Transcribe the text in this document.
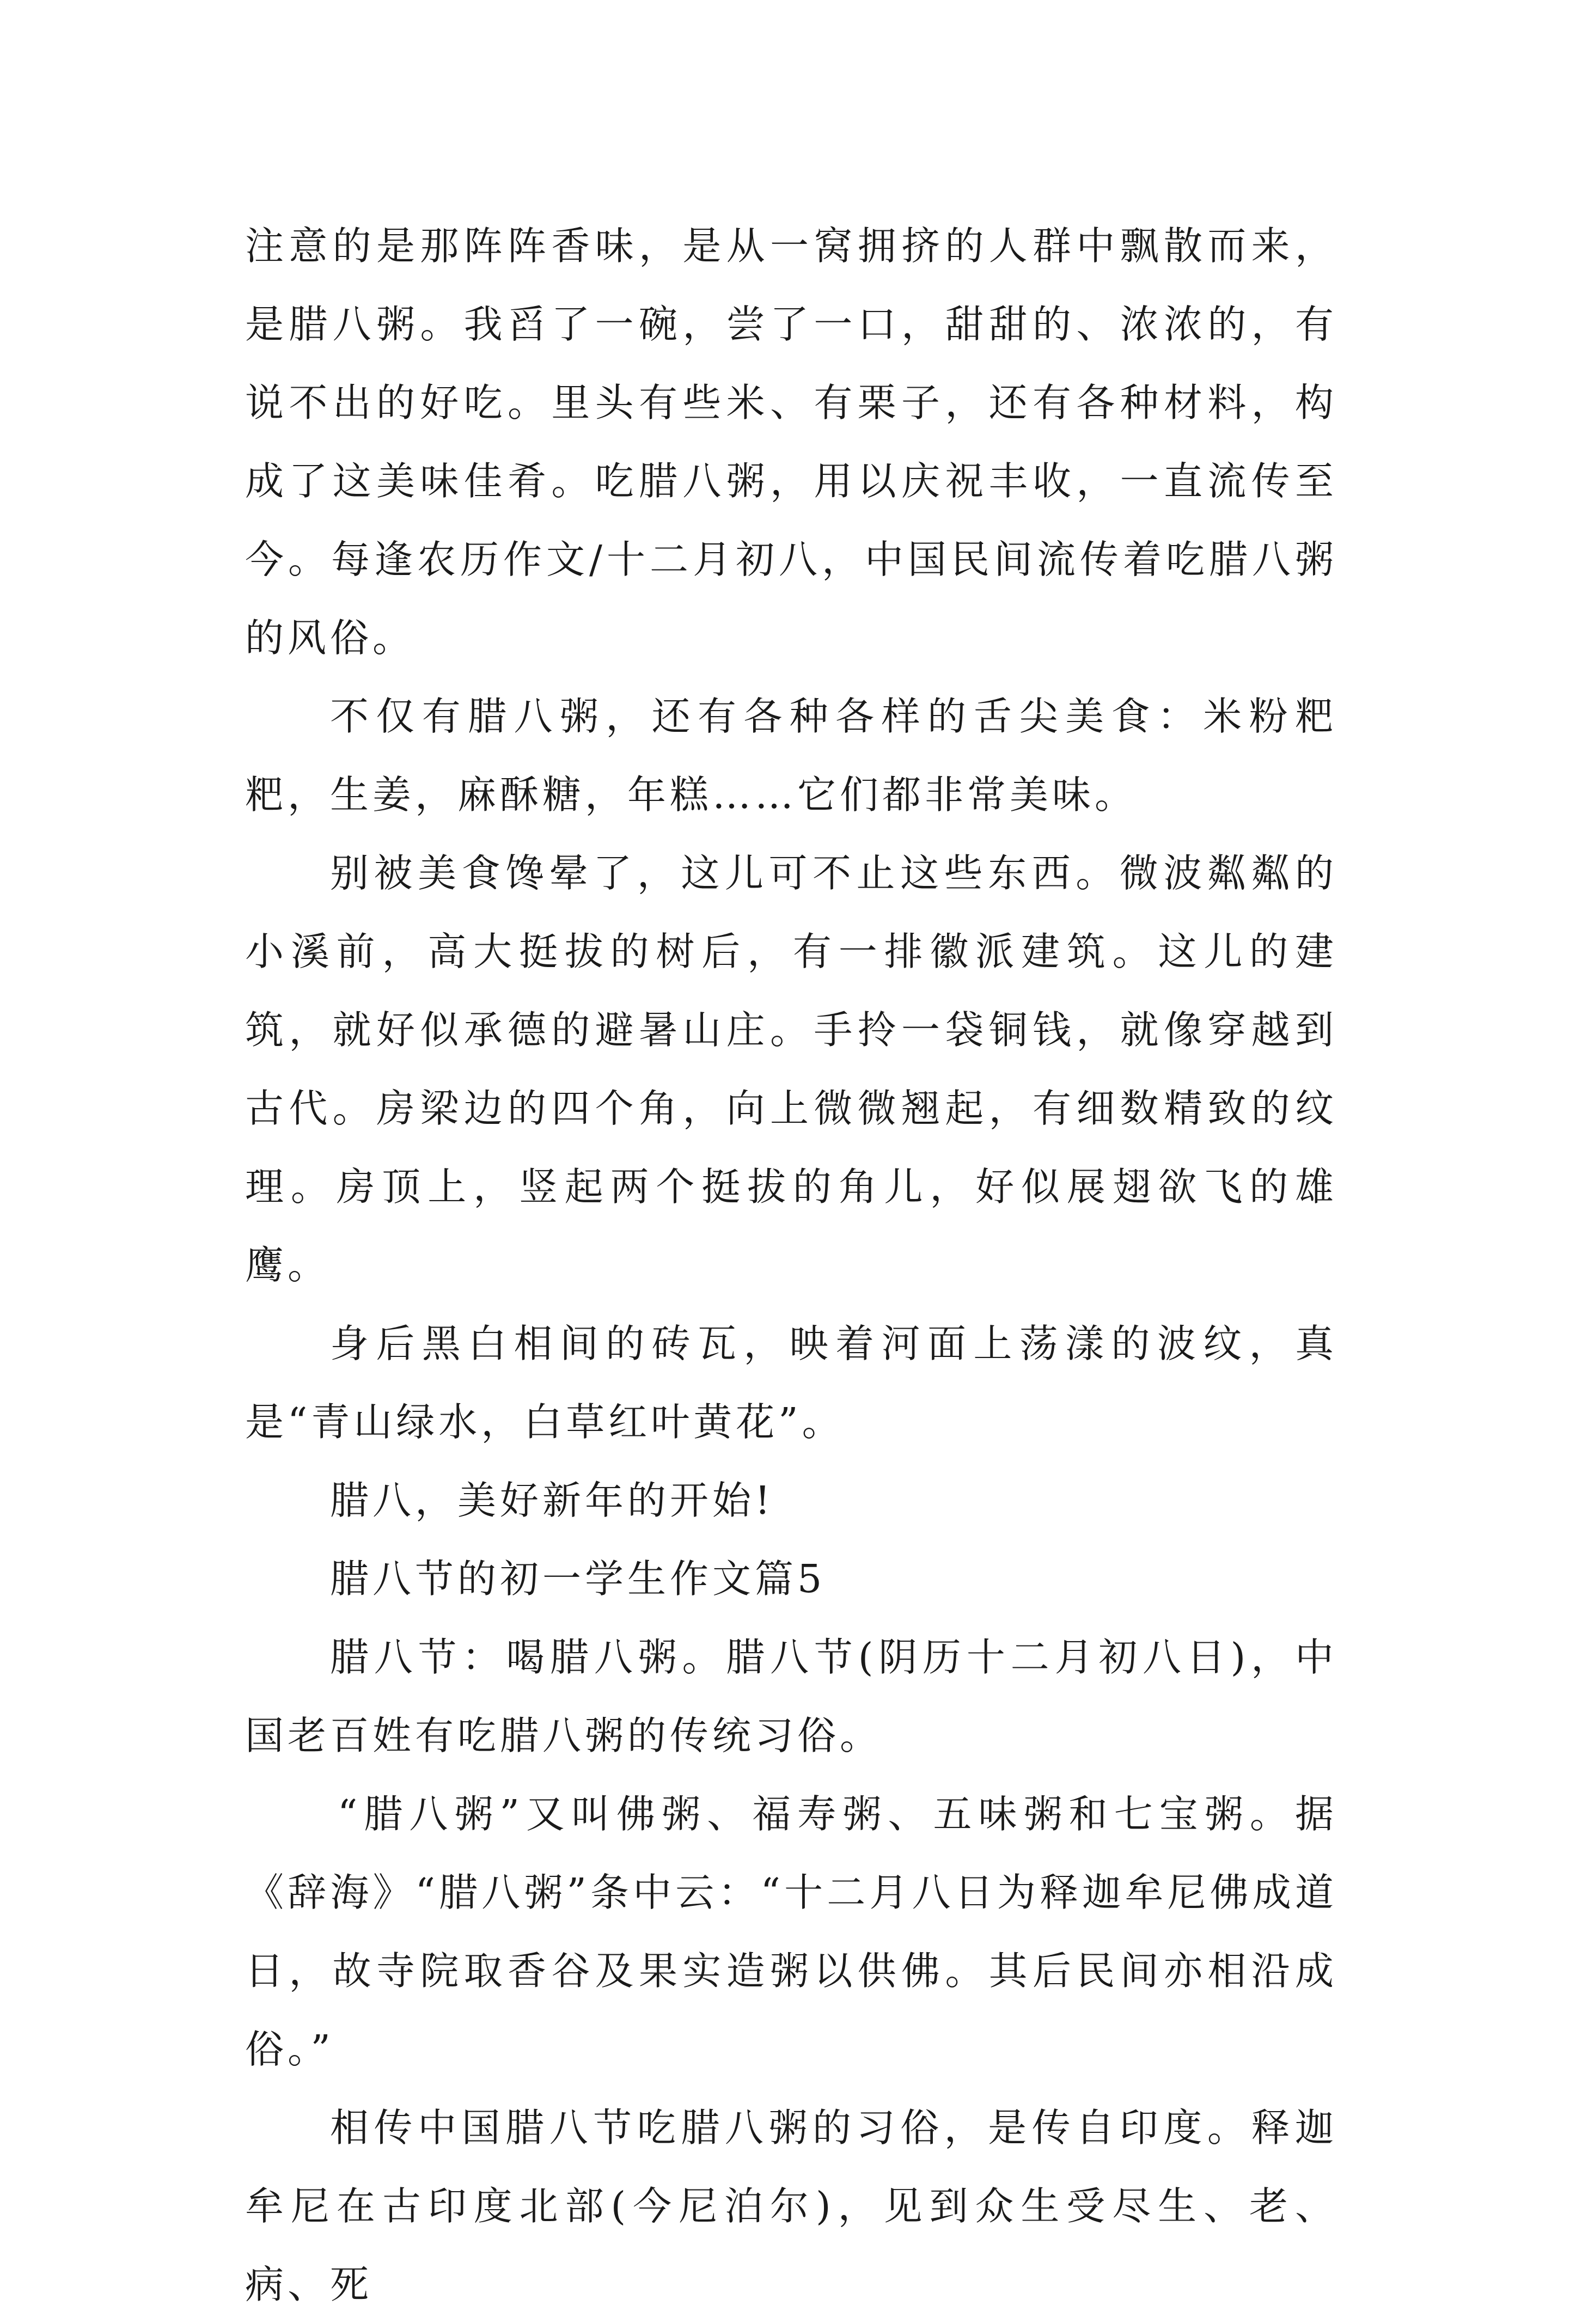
注意的是那阵阵香味，是从一窝拥挤的人群中飘散而来，是腊八粥。我舀了一碗，尝了一口，甜甜的、浓浓的，有说不出的好吃。里头有些米、有栗子，还有各种材料，构成了这美味佳肴。吃腊八粥，用以庆祝丰收，一直流传至今。每逢农历作文/十二月初八，中国民间流传着吃腊八粥的风俗。

不仅有腊八粥，还有各种各样的舌尖美食：米粉粑粑，生姜，麻酥糖，年糕……它们都非常美味。

别被美食馋晕了，这儿可不止这些东西。微波粼粼的小溪前，高大挺拔的树后，有一排徽派建筑。这儿的建筑，就好似承德的避暑山庄。手拎一袋铜钱，就像穿越到古代。房梁边的四个角，向上微微翘起，有细数精致的纹理。房顶上，竖起两个挺拔的角儿，好似展翅欲飞的雄鹰。

身后黑白相间的砖瓦，映着河面上荡漾的波纹，真是“青山绿水，白草红叶黄花”。

腊八，美好新年的开始!

腊八节的初一学生作文篇5

腊八节：喝腊八粥。腊八节(阴历十二月初八日)，中国老百姓有吃腊八粥的传统习俗。

“腊八粥”又叫佛粥、福寿粥、五味粥和七宝粥。据《辞海》“腊八粥”条中云：“十二月八日为释迦牟尼佛成道日，故寺院取香谷及果实造粥以供佛。其后民间亦相沿成俗。”

相传中国腊八节吃腊八粥的习俗，是传自印度。释迦牟尼在古印度北部(今尼泊尔)，见到众生受尽生、老、病、死
